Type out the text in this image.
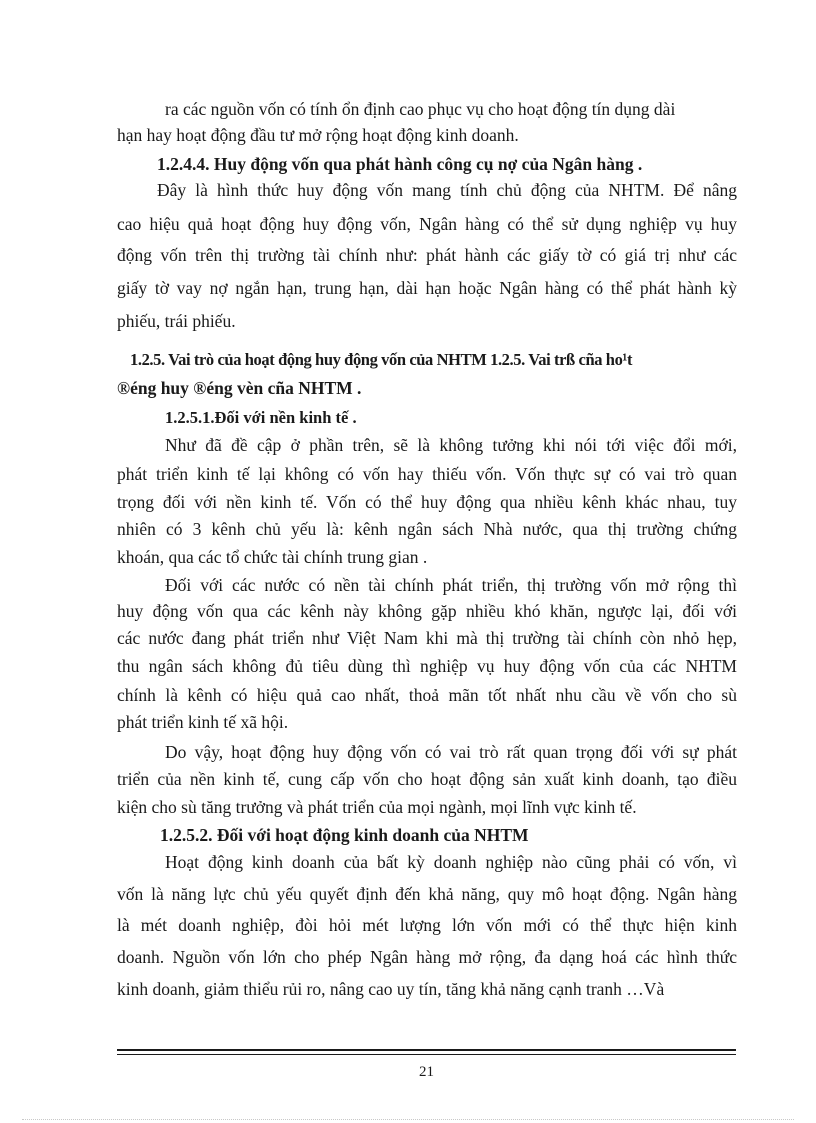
ra các nguồn vốn có tính ổn định cao phục vụ cho hoạt động tín dụng dài
hạn hay hoạt động đầu tư mở rộng hoạt động kinh doanh.
1.2.4.4. Huy động vốn qua phát hành công cụ nợ của Ngân hàng .
Đây là hình thức huy động vốn mang tính chủ động của NHTM. Để nâng
cao hiệu quả hoạt động huy động vốn, Ngân hàng có thể sử dụng nghiệp vụ huy
động vốn trên thị trường tài chính như: phát hành các giấy tờ có giá trị như các
giấy tờ vay nợ ngắn hạn, trung hạn, dài hạn hoặc Ngân hàng có thể phát hành kỳ
phiếu, trái phiếu.
1.2.5. Vai trò của hoạt động huy động vốn của NHTM 1.2.5. Vai trß cña ho¹t
®éng huy ®éng vèn cña NHTM .
1.2.5.1.Đối với nền kinh tế .
Như đã đề cập ở phần trên, sẽ là không tưởng khi nói tới việc đổi mới,
phát triển kinh tế lại không có vốn hay thiếu vốn. Vốn thực sự có vai trò quan
trọng đối với nền kinh tế. Vốn có thể huy động qua nhiều kênh khác nhau, tuy
nhiên có 3 kênh chủ yếu là: kênh ngân sách Nhà nước, qua thị trường chứng
khoán, qua các tổ chức tài chính trung gian .
Đối với các nước có nền tài chính phát triển, thị trường vốn mở rộng thì
huy động vốn qua các kênh này không gặp nhiều khó khăn, ngược lại, đối với
các nước đang phát triển như Việt Nam khi mà thị trường tài chính còn nhỏ hẹp,
thu ngân sách không đủ tiêu dùng thì nghiệp vụ huy động vốn của các NHTM
chính là kênh có hiệu quả cao nhất, thoả mãn tốt nhất nhu cầu về vốn cho sù
phát triển kinh tế xã hội.
Do vậy, hoạt động huy động vốn có vai trò rất quan trọng đối với sự phát
triển của nền kinh tế, cung cấp vốn cho hoạt động sản xuất kinh doanh, tạo điều
kiện cho sù tăng trưởng và phát triển của mọi ngành, mọi lĩnh vực kinh tế.
1.2.5.2. Đối với hoạt động kinh doanh của NHTM
Hoạt động kinh doanh của bất kỳ doanh nghiệp nào cũng phải có vốn, vì
vốn là năng lực chủ yếu quyết định đến khả năng, quy mô hoạt động. Ngân hàng
là mét doanh nghiệp, đòi hỏi mét lượng lớn vốn mới có thể thực hiện kinh
doanh. Nguồn vốn lớn cho phép Ngân hàng mở rộng, đa dạng hoá các hình thức
kinh doanh, giảm thiểu rủi ro, nâng cao uy tín, tăng khả năng cạnh tranh …Và
21
